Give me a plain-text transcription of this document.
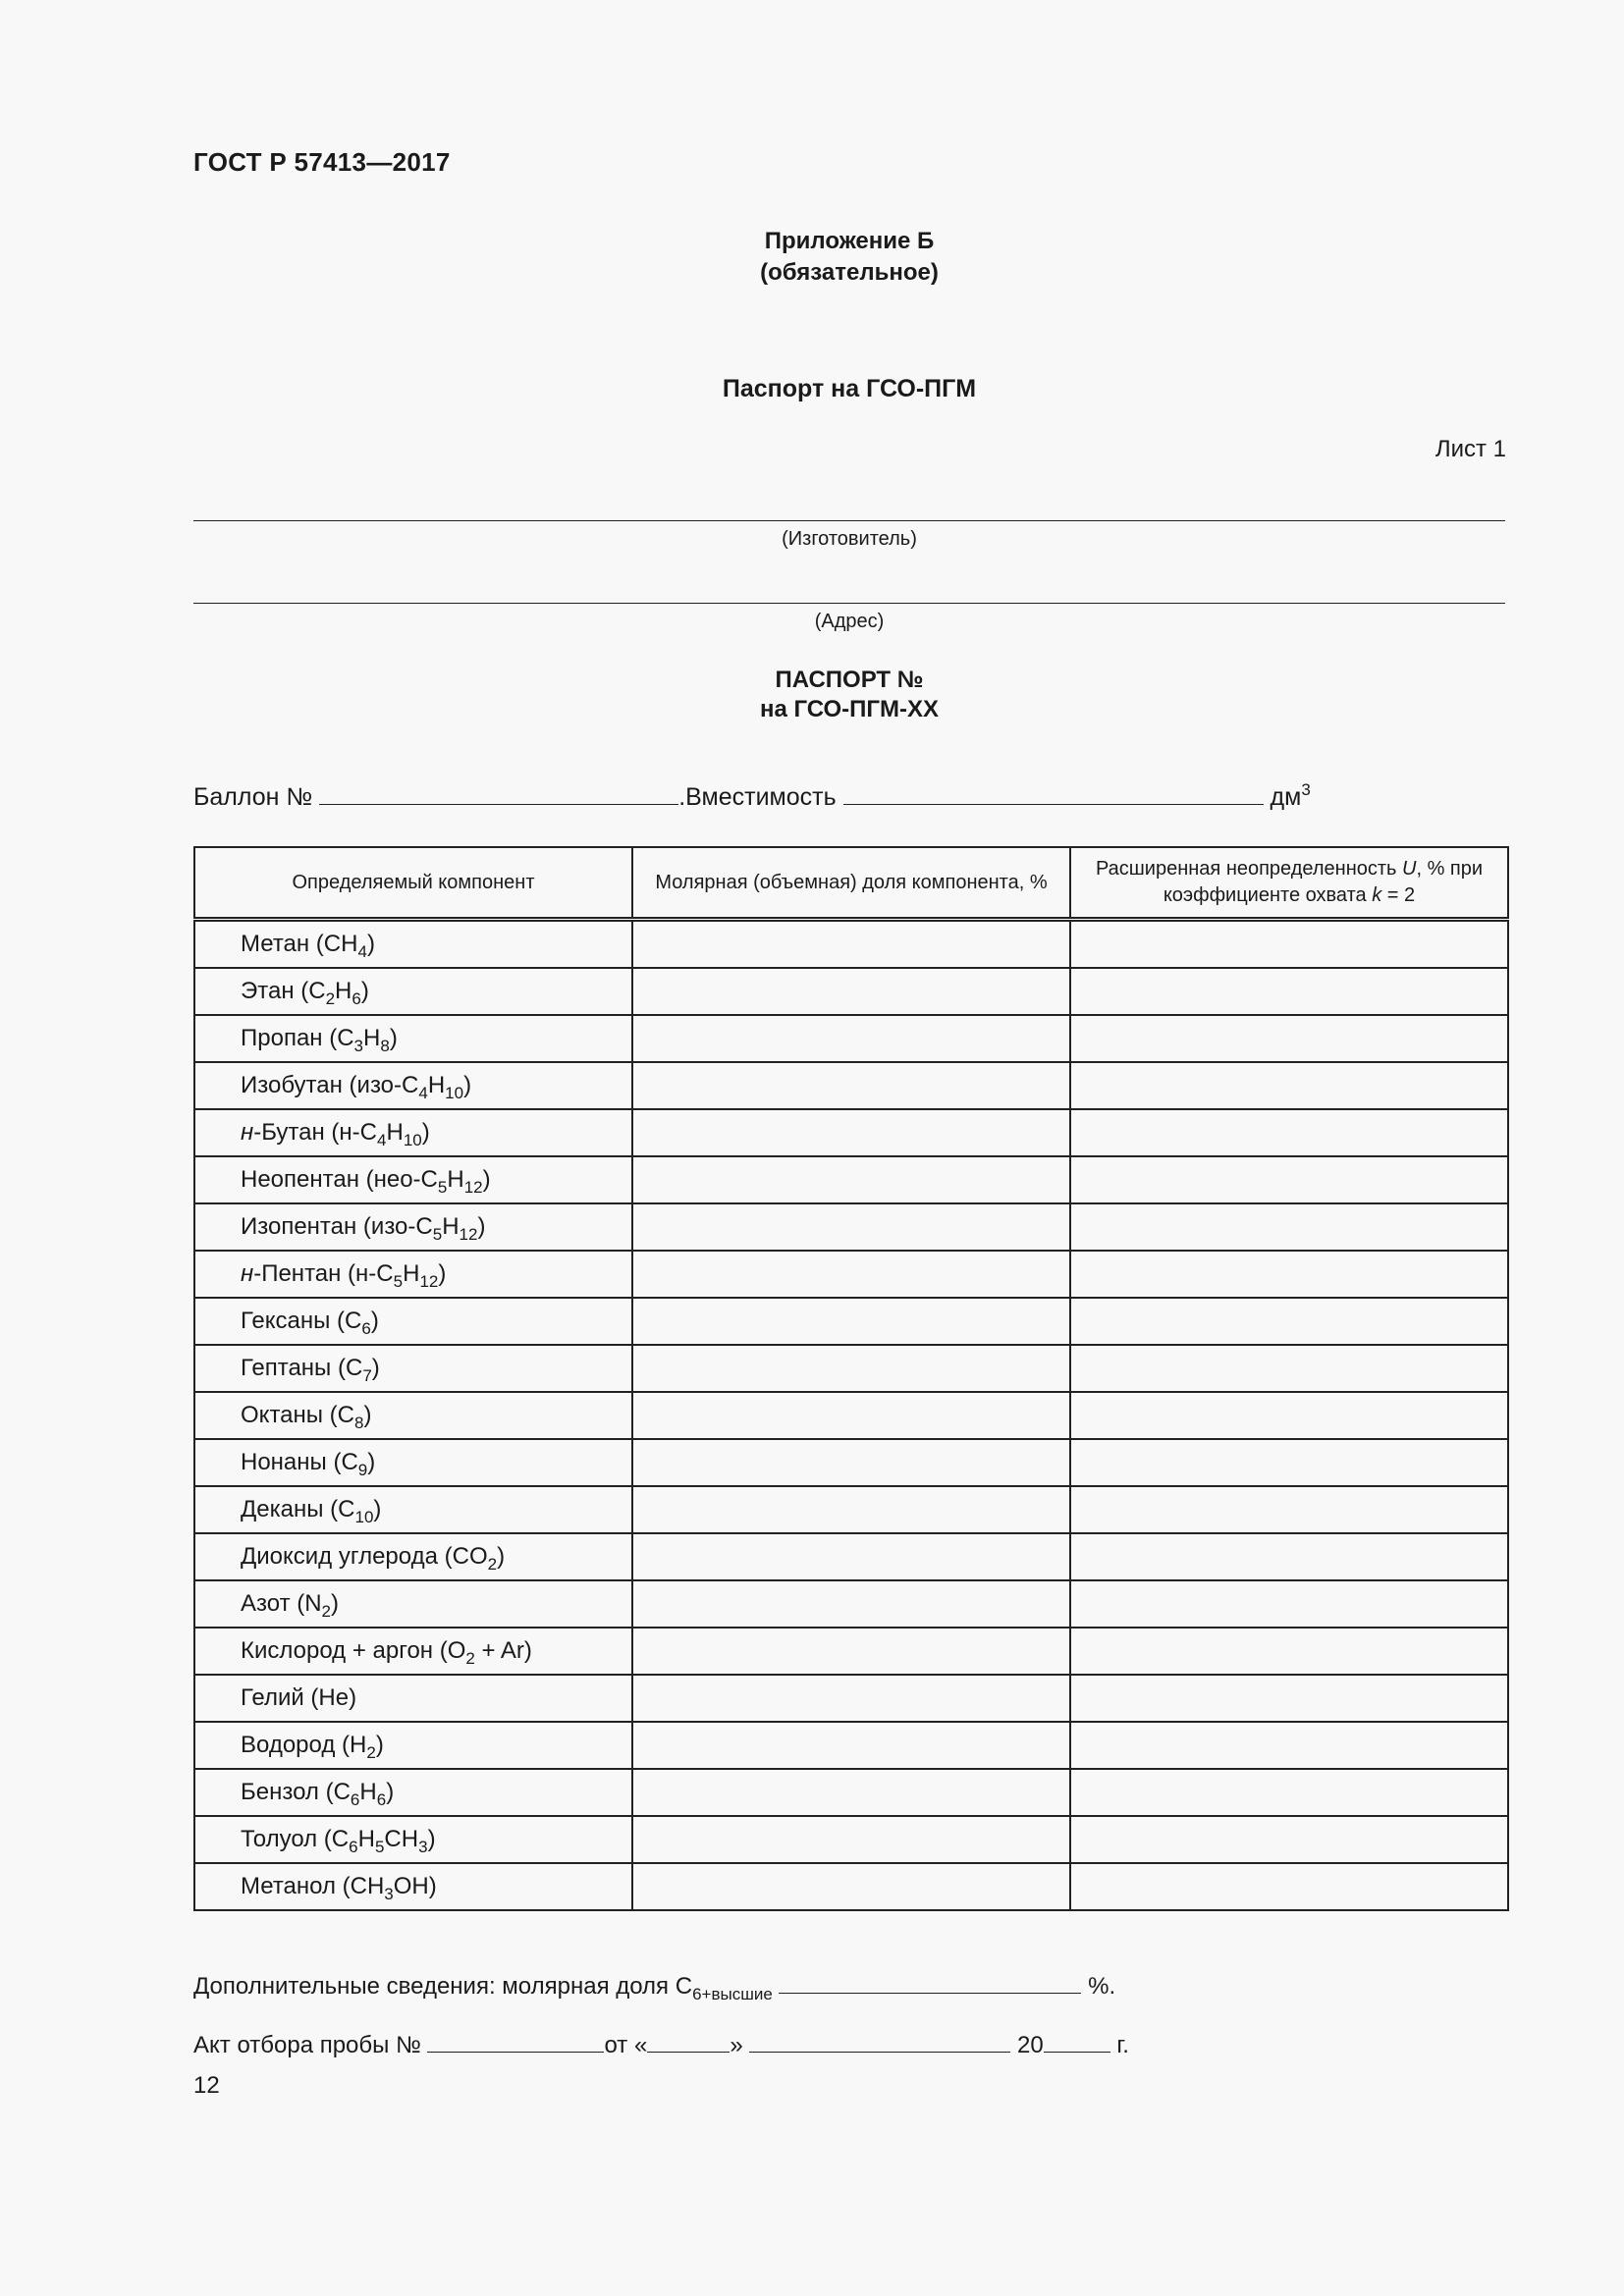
ГОСТ Р 57413—2017
Приложение Б
(обязательное)
Паспорт на ГСО-ПГМ
Лист 1
(Изготовитель)
(Адрес)
ПАСПОРТ №
на ГСО-ПГМ-XX
Баллон №	.Вместимость	$дм^3$
Определяемый компонент	Молярная (объемная) доля компонента, %	Расширенная неопределенность U, % при коэффициенте охвата k = 2
Метан $(CH_4)$		
Этан $(C_2H_6)$		
Пропан $(C_3H_8)$		
Изобутан $(изо-C_4H_{10})$		
н-Бутан $(н-C_4H_{10})$		
Неопентан $(нео-C_5H_{12})$		
Изопентан $(изо-C_5H_{12})$		
н-Пентан $(н-C_5H_{12})$		
Гексаны $(C_6)$		
Гептаны $(C_7)$		
Октаны $(C_8)$		
Нонаны $(C_9)$		
Деканы $(C_{10})$		
Диоксид углерода $(CO_2)$		
Азот $(N_2)$		
Кислород + аргон $(O_2 + Ar)$		
Гелий (He)		
Водород $(H_2)$		
Бензол $(C_6H_6)$		
Толуол $(C_6H_5CH_3)$		
Метанол $(CH_3OH)$		
Дополнительные сведения: молярная доля $C_{6+высшие}$	%.
Акт отбора пробы №	от «	»	20	г.
12
